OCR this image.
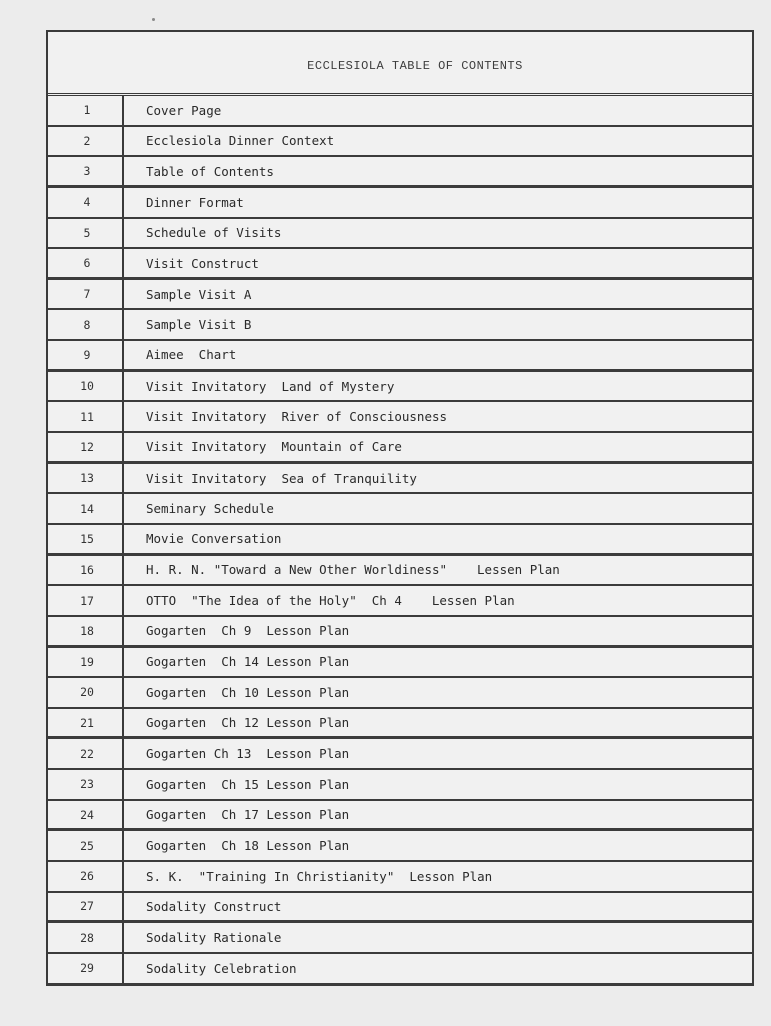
ECCLESIOLA TABLE OF CONTENTS
1	Cover Page
2	Ecclesiola Dinner Context
3	Table of Contents
4	Dinner Format
5	Schedule of Visits
6	Visit Construct
7	Sample Visit A
8	Sample Visit B
9	Aimee  Chart
10	Visit Invitatory  Land of Mystery
11	Visit Invitatory  River of Consciousness
12	Visit Invitatory  Mountain of Care
13	Visit Invitatory  Sea of Tranquility
14	Seminary Schedule
15	Movie Conversation
16	H. R. N. "Toward a New Other Worldiness" Lessen Plan
17	OTTO  "The Idea of the Holy"  Ch 4 Lessen Plan
18	Gogarten  Ch 9  Lesson Plan
19	Gogarten  Ch 14 Lesson Plan
20	Gogarten  Ch 10 Lesson Plan
21	Gogarten  Ch 12 Lesson Plan
22	Gogarten Ch 13  Lesson Plan
23	Gogarten  Ch 15 Lesson Plan
24	Gogarten  Ch 17 Lesson Plan
25	Gogarten  Ch 18 Lesson Plan
26	S. K.  "Training In Christianity"  Lesson Plan
27	Sodality Construct
28	Sodality Rationale
29	Sodality Celebration
